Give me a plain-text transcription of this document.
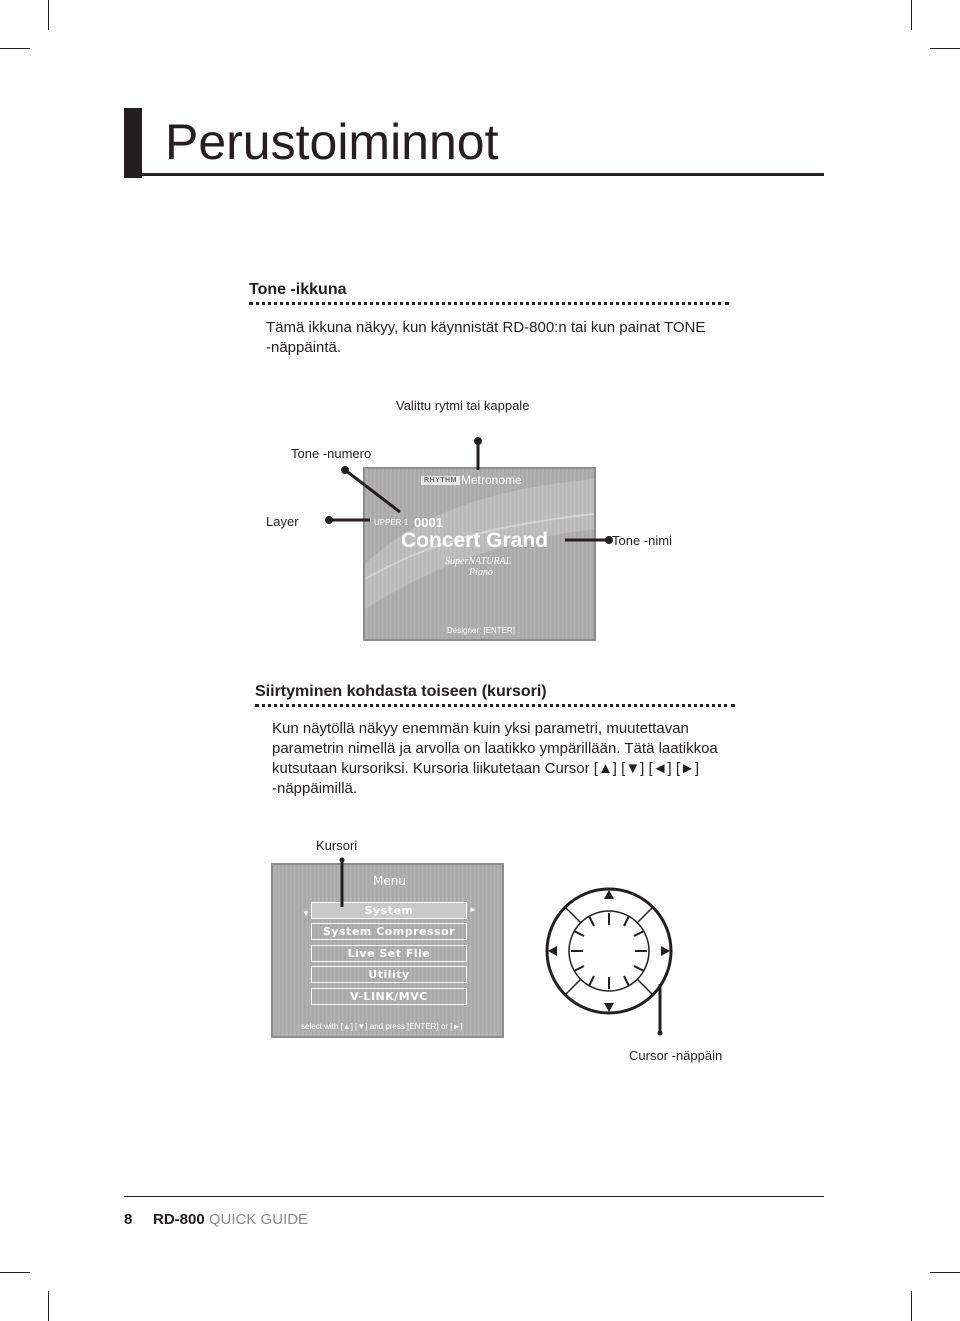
Perustoiminnot
Tone -ikkuna
Tämä ikkuna näkyy, kun käynnistät RD-800:n tai kun painat TONE
-näppäintä.
Valittu rytmi tai kappale
Tone -numero
Layer
Tone -nimi
RHYTHM Metronome
UPPER 1 0001
Concert Grand
SuperNATURAL
Piano
Designer: [ENTER]
Siirtyminen kohdasta toiseen (kursori)
Kun näytöllä näkyy enemmän kuin yksi parametri, muutettavan
parametrin nimellä ja arvolla on laatikko ympärillään. Tätä laatikkoa
kutsutaan kursoriksi. Kursoria liikutetaan Cursor [▲] [▼] [◄] [►]
-näppäimillä.
Kursori
Menu
▼	►
System
System Compressor
Live Set File
Utility
V-LINK/MVC
select with [▲] [▼] and press [ENTER] or [►]
Cursor -näppäin
8 RD-800 QUICK GUIDE
